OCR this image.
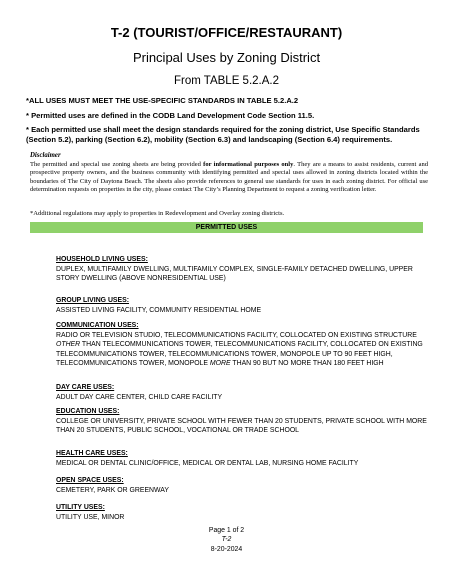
T-2 (TOURIST/OFFICE/RESTAURANT)
Principal Uses by Zoning District
From TABLE 5.2.A.2
*ALL USES MUST MEET THE USE-SPECIFIC STANDARDS IN TABLE 5.2.A.2
* Permitted uses are defined in the CODB Land Development Code Section 11.5.
* Each permitted use shall meet the design standards required for the zoning district, Use Specific Standards (Section 5.2), parking (Section 6.2), mobility (Section 6.3) and landscaping (Section 6.4) requirements.
Disclaimer
The permitted and special use zoning sheets are being provided for informational purposes only. They are a means to assist residents, current and prospective property owners, and the business community with identifying permitted and special uses allowed in zoning districts located within the boundaries of The City of Daytona Beach. The sheets also provide references to general use standards for uses in each zoning district. For official use determination requests on properties in the city, please contact The City’s Planning Department to request a zoning verification letter.
*Additional regulations may apply to properties in Redevelopment and Overlay zoning districts.
PERMITTED USES
HOUSEHOLD LIVING USES:
DUPLEX, MULTIFAMILY DWELLING, MULTIFAMILY COMPLEX, SINGLE-FAMILY DETACHED DWELLING, UPPER STORY DWELLING (ABOVE NONRESIDENTIAL USE)
GROUP LIVING USES:
ASSISTED LIVING FACILITY, COMMUNITY RESIDENTIAL HOME
COMMUNICATION USES:
RADIO OR TELEVISION STUDIO, TELECOMMUNICATIONS FACILITY, COLLOCATED ON EXISTING STRUCTURE OTHER THAN TELECOMMUNICATIONS TOWER, TELECOMMUNICATIONS FACILITY, COLLOCATED ON EXISTING TELECOMMUNICATIONS TOWER, TELECOMMUNICATIONS TOWER, MONOPOLE UP TO 90 FEET HIGH, TELECOMMUNICATIONS TOWER, MONOPOLE MORE THAN 90 BUT NO MORE THAN 180 FEET HIGH
DAY CARE USES:
ADULT DAY CARE CENTER, CHILD CARE FACILITY
EDUCATION USES:
COLLEGE OR UNIVERSITY, PRIVATE SCHOOL WITH FEWER THAN 20 STUDENTS, PRIVATE SCHOOL WITH MORE THAN 20 STUDENTS, PUBLIC SCHOOL, VOCATIONAL OR TRADE SCHOOL
HEALTH CARE USES:
MEDICAL OR DENTAL CLINIC/OFFICE, MEDICAL OR DENTAL LAB, NURSING HOME FACILITY
OPEN SPACE USES:
CEMETERY, PARK OR GREENWAY
UTILITY USES:
UTILITY USE, MINOR
Page 1 of 2
T-2
8-20-2024
